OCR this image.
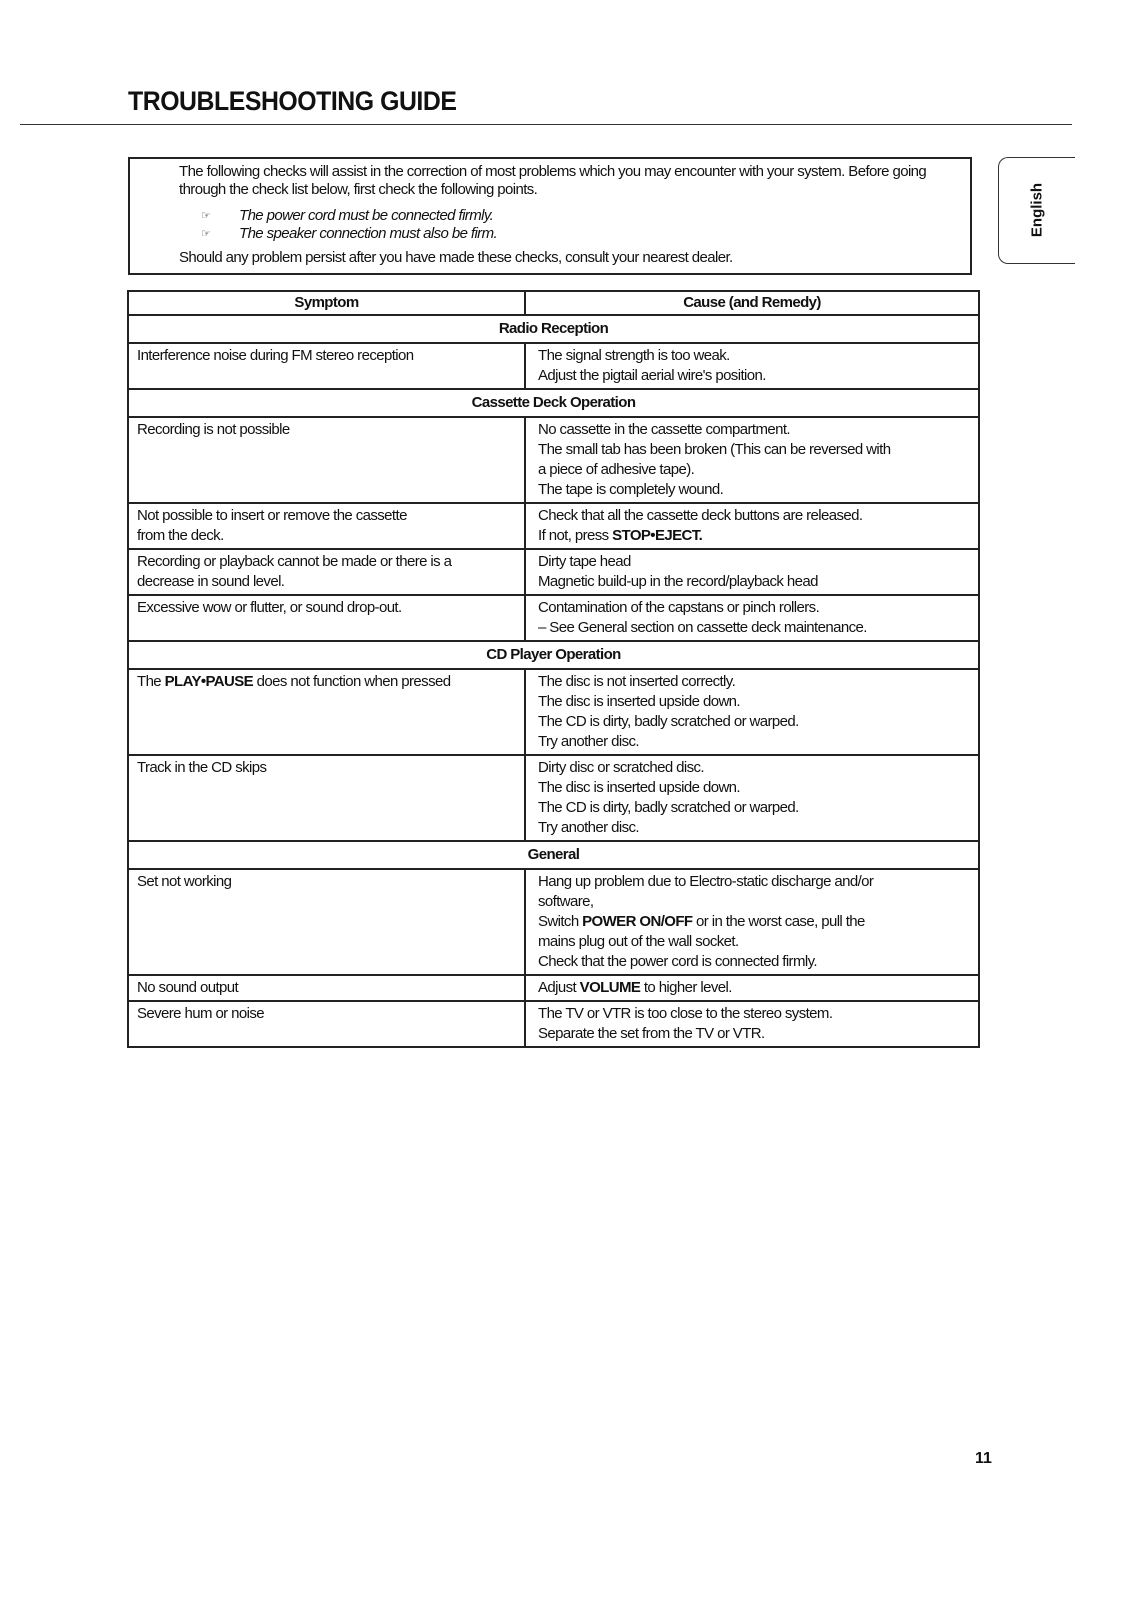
TROUBLESHOOTING GUIDE

The following checks will assist in the correction of most problems which you may encounter with your system. Before going through the check list below, first check the following points.

☞	The power cord must be connected firmly.
☞	The speaker connection must also be firm.

Should any problem persist after you have made these checks, consult your nearest dealer.

English
Symptom	Cause (and Remedy)
Radio Reception	

Interference noise during FM stereo reception	The signal strength is too weak.
Adjust the pigtail aerial wire's position.

Cassette Deck Operation	

Recording is not possible	No cassette in the cassette compartment.
The small tab has been broken (This can be reversed with
a piece of adhesive tape).
The tape is completely wound.

Not possible to insert or remove the cassette
from the deck.	Check that all the cassette deck buttons are released.
If not, press STOP•EJECT.

Recording or playback cannot be made or there is a
decrease in sound level.	Dirty tape head
Magnetic build-up in the record/playback head

Excessive wow or flutter, or sound drop-out.	Contamination of the capstans or pinch rollers.
– See General section on cassette deck maintenance.

CD Player Operation	

The PLAY•PAUSE does not function when pressed	The disc is not inserted correctly.
The disc is inserted upside down.
The CD is dirty, badly scratched or warped.
Try another disc.

Track in the CD skips	Dirty disc or scratched disc.
The disc is inserted upside down.
The CD is dirty, badly scratched or warped.
Try another disc.

General	

Set not working	Hang up problem due to Electro-static discharge and/or
software,
Switch POWER ON/OFF or in the worst case, pull the
mains plug out of the wall socket.
Check that the power cord is connected firmly.

No sound output	Adjust VOLUME to higher level.

Severe hum or noise	The TV or VTR is too close to the stereo system.
Separate the set from the TV or VTR.
11
